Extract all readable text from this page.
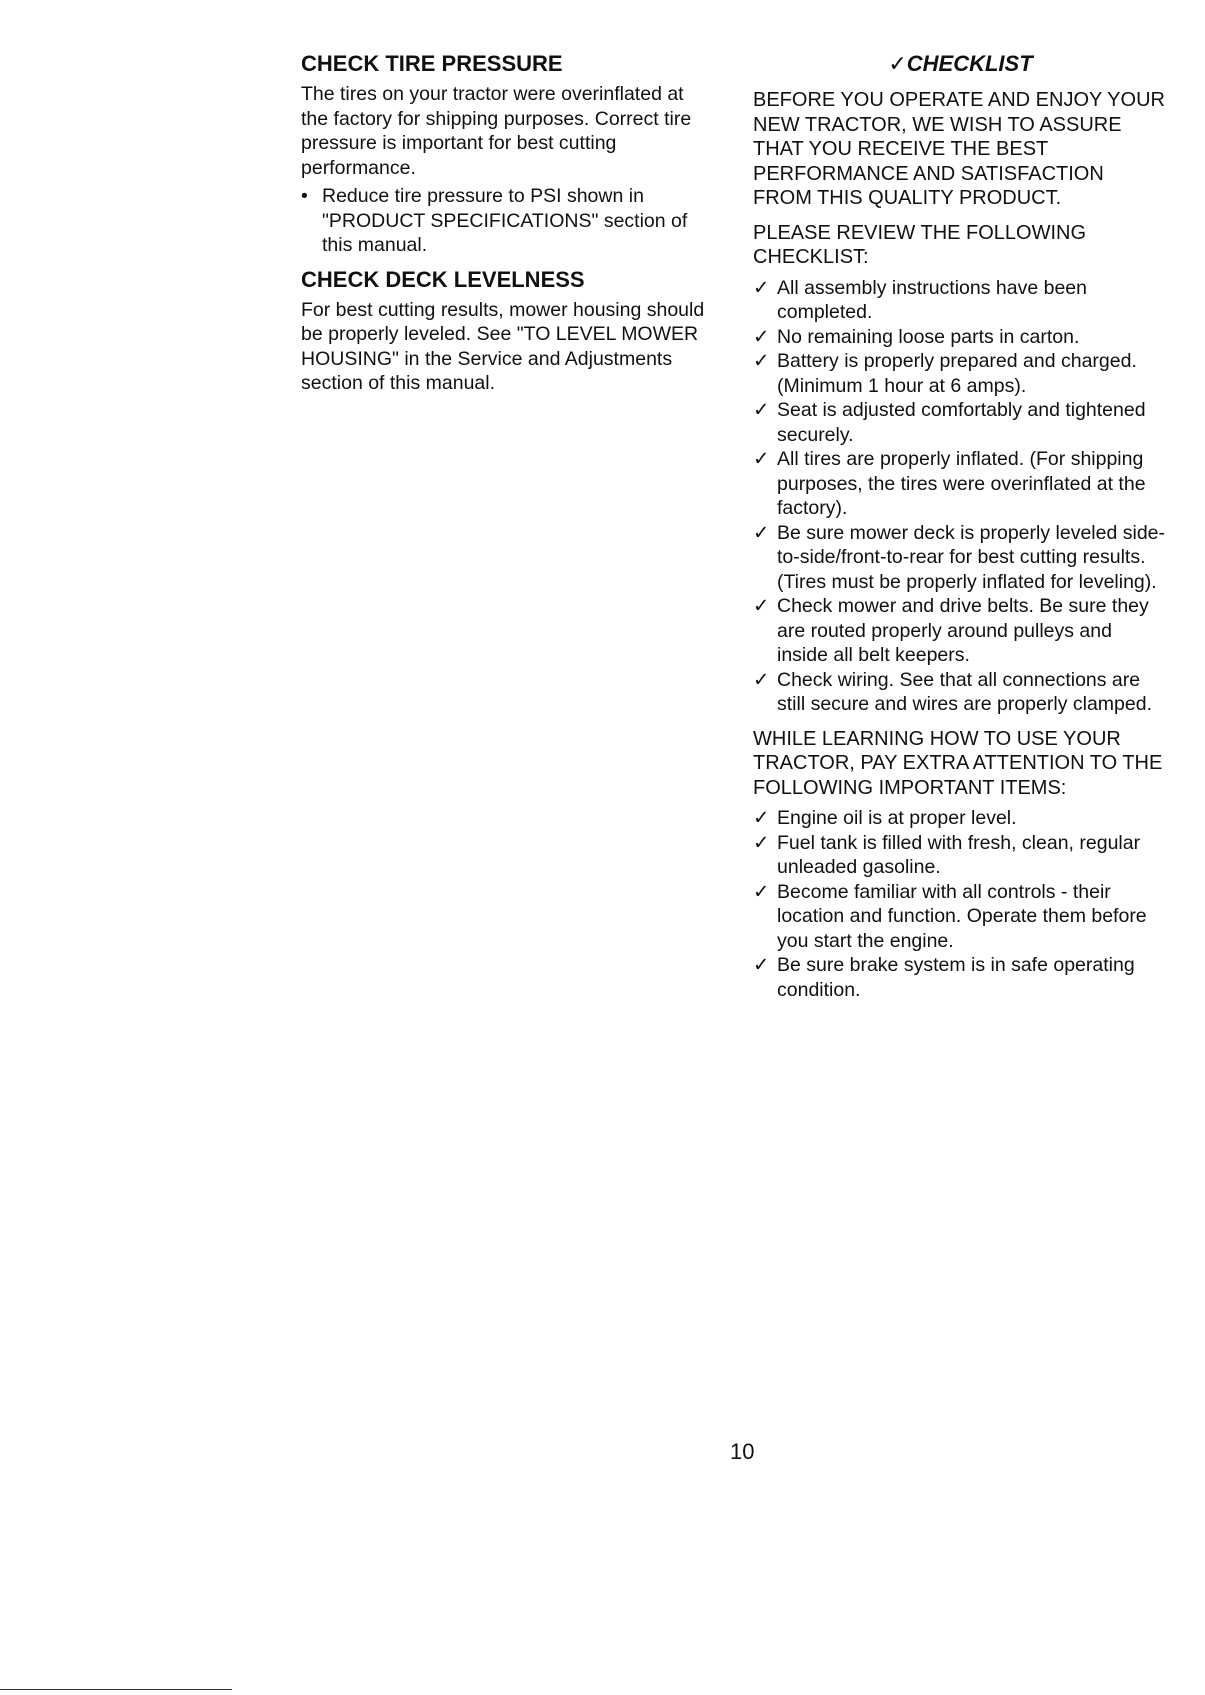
CHECK TIRE PRESSURE
The tires on your tractor were overinflated at the factory for shipping purposes. Correct tire pressure is important for best cutting performance.
• Reduce tire pressure to PSI shown in "PRODUCT SPECIFICATIONS" section of this manual.
CHECK DECK LEVELNESS
For best cutting results, mower housing should be properly leveled. See "TO LEVEL MOWER HOUSING" in the Service and Adjustments section of this manual.
✓CHECKLIST
BEFORE YOU OPERATE AND ENJOY YOUR NEW TRACTOR, WE WISH TO ASSURE THAT YOU RECEIVE THE BEST PERFORMANCE AND SATISFACTION FROM THIS QUALITY PRODUCT.
PLEASE REVIEW THE FOLLOWING CHECKLIST:
✓ All assembly instructions have been completed.
✓ No remaining loose parts in carton.
✓ Battery is properly prepared and charged. (Minimum 1 hour at 6 amps).
✓ Seat is adjusted comfortably and tightened securely.
✓ All tires are properly inflated. (For shipping purposes, the tires were overinflated at the factory).
✓ Be sure mower deck is properly leveled side-to-side/front-to-rear for best cutting results. (Tires must be properly inflated for leveling).
✓ Check mower and drive belts. Be sure they are routed properly around pulleys and inside all belt keepers.
✓ Check wiring. See that all connections are still secure and wires are properly clamped.
WHILE LEARNING HOW TO USE YOUR TRACTOR, PAY EXTRA ATTENTION TO THE FOLLOWING IMPORTANT ITEMS:
✓ Engine oil is at proper level.
✓ Fuel tank is filled with fresh, clean, regular unleaded gasoline.
✓ Become familiar with all controls - their location and function. Operate them before you start the engine.
✓ Be sure brake system is in safe operating condition.
10
